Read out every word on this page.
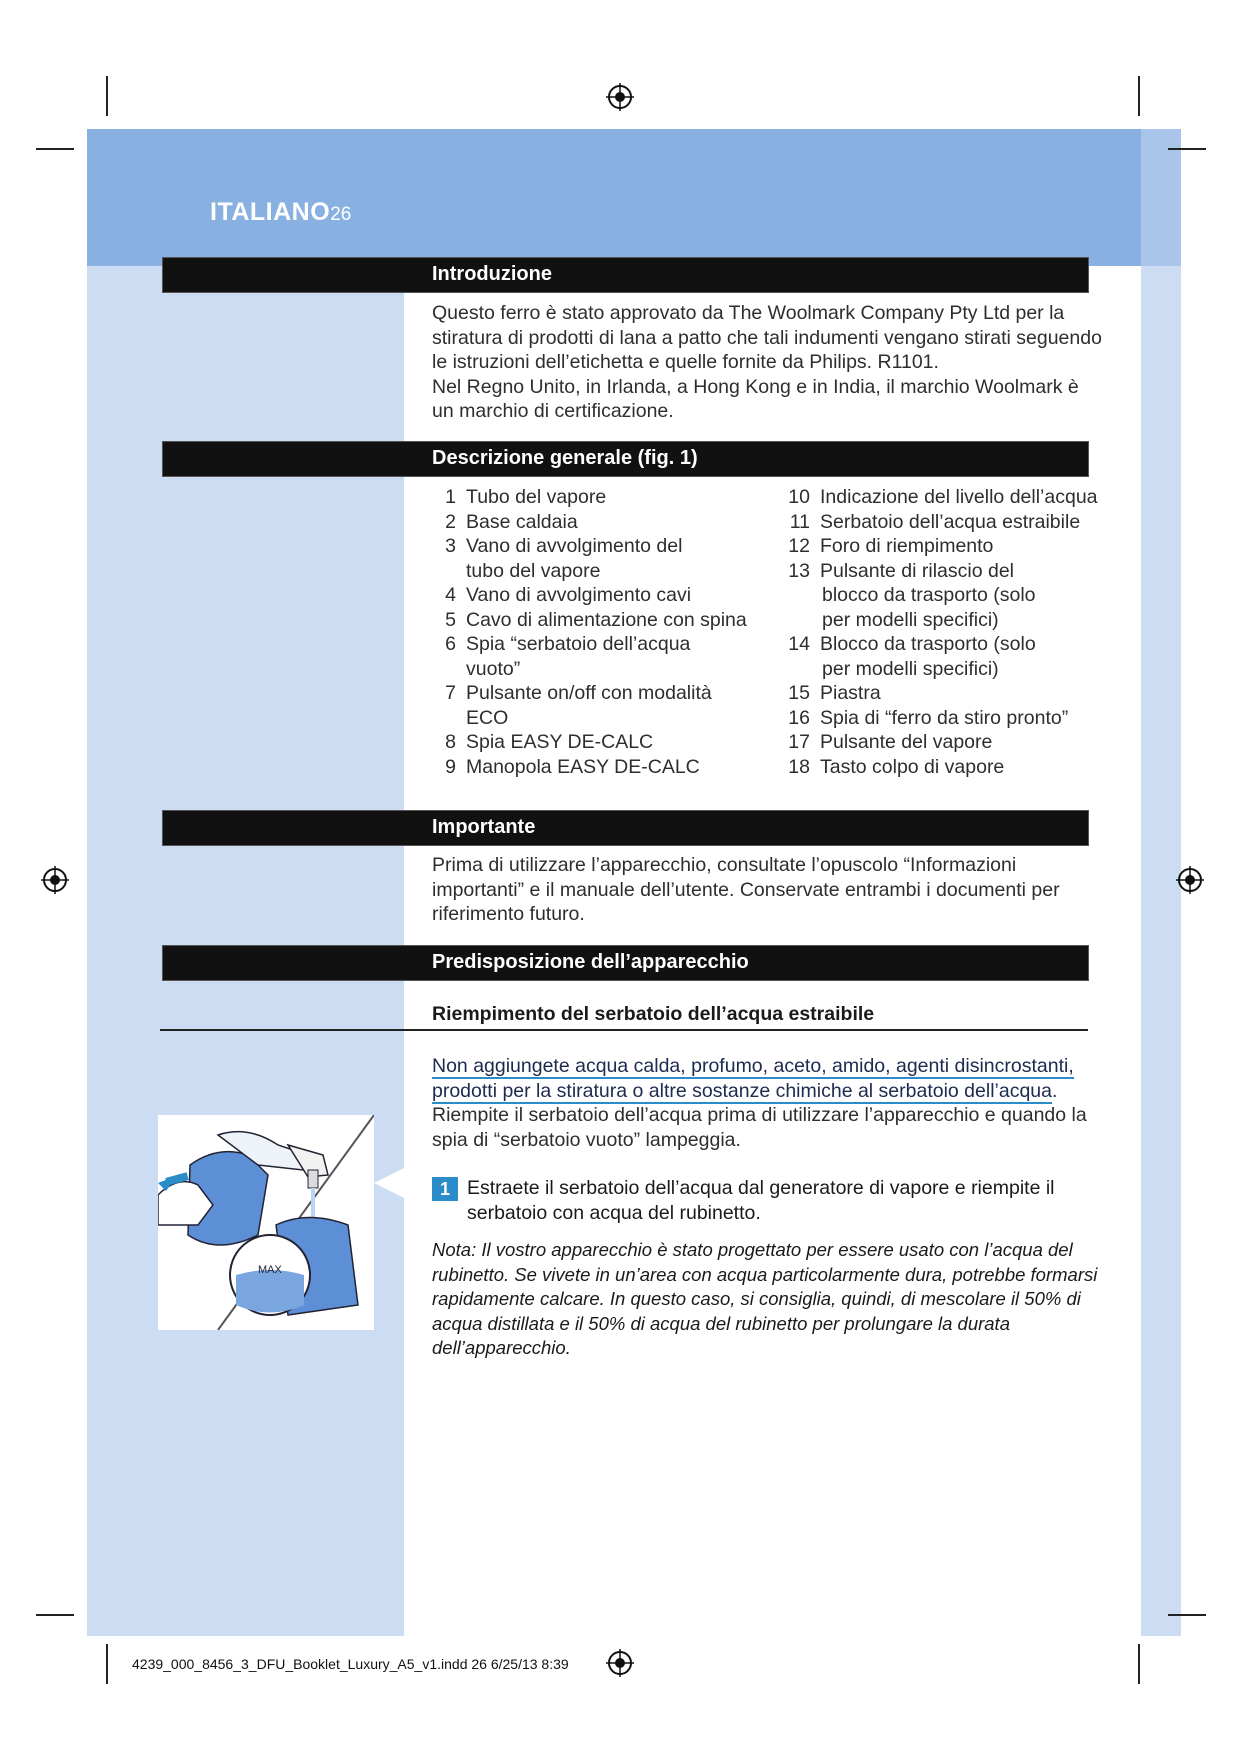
ITALIANO26
Introduzione
Questo ferro è stato approvato da The Woolmark Company Pty Ltd per la stiratura di prodotti di lana a patto che tali indumenti vengano stirati seguendo le istruzioni dell’etichetta e quelle fornite da Philips. R1101.
Nel Regno Unito, in Irlanda, a Hong Kong e in India, il marchio Woolmark è un marchio di certificazione.
Descrizione generale (fig. 1)
1 Tubo del vapore
2 Base caldaia
3 Vano di avvolgimento del
tubo del vapore
4 Vano di avvolgimento cavi
5 Cavo di alimentazione con spina
6 Spia “serbatoio dell’acqua
vuoto”
7 Pulsante on/off con modalità
ECO
8 Spia EASY DE-CALC
9 Manopola EASY DE-CALC
10 Indicazione del livello dell’acqua
11 Serbatoio dell’acqua estraibile
12 Foro di riempimento
13 Pulsante di rilascio del
blocco da trasporto (solo
per modelli specifici)
14 Blocco da trasporto (solo
per modelli specifici)
15 Piastra
16 Spia di “ferro da stiro pronto”
17 Pulsante del vapore
18 Tasto colpo di vapore
Importante
Prima di utilizzare l’apparecchio, consultate l’opuscolo “Informazioni importanti” e il manuale dell’utente. Conservate entrambi i documenti per riferimento futuro.
Predisposizione dell’apparecchio
Riempimento del serbatoio dell’acqua estraibile
Non aggiungete acqua calda, profumo, aceto, amido, agenti disincrostanti,
prodotti per la stiratura o altre sostanze chimiche al serbatoio dell’acqua.
Riempite il serbatoio dell’acqua prima di utilizzare l’apparecchio e quando la spia di “serbatoio vuoto” lampeggia.
MAX
1 Estraete il serbatoio dell’acqua dal generatore di vapore e riempite il serbatoio con acqua del rubinetto.
Nota: Il vostro apparecchio è stato progettato per essere usato con l’acqua del rubinetto. Se vivete in un’area con acqua particolarmente dura, potrebbe formarsi rapidamente calcare. In questo caso, si consiglia, quindi, di mescolare il 50% di acqua distillata e il 50% di acqua del rubinetto per prolungare la durata dell’apparecchio.
4239_000_8456_3_DFU_Booklet_Luxury_A5_v1.indd 26 6/25/13 8:39
